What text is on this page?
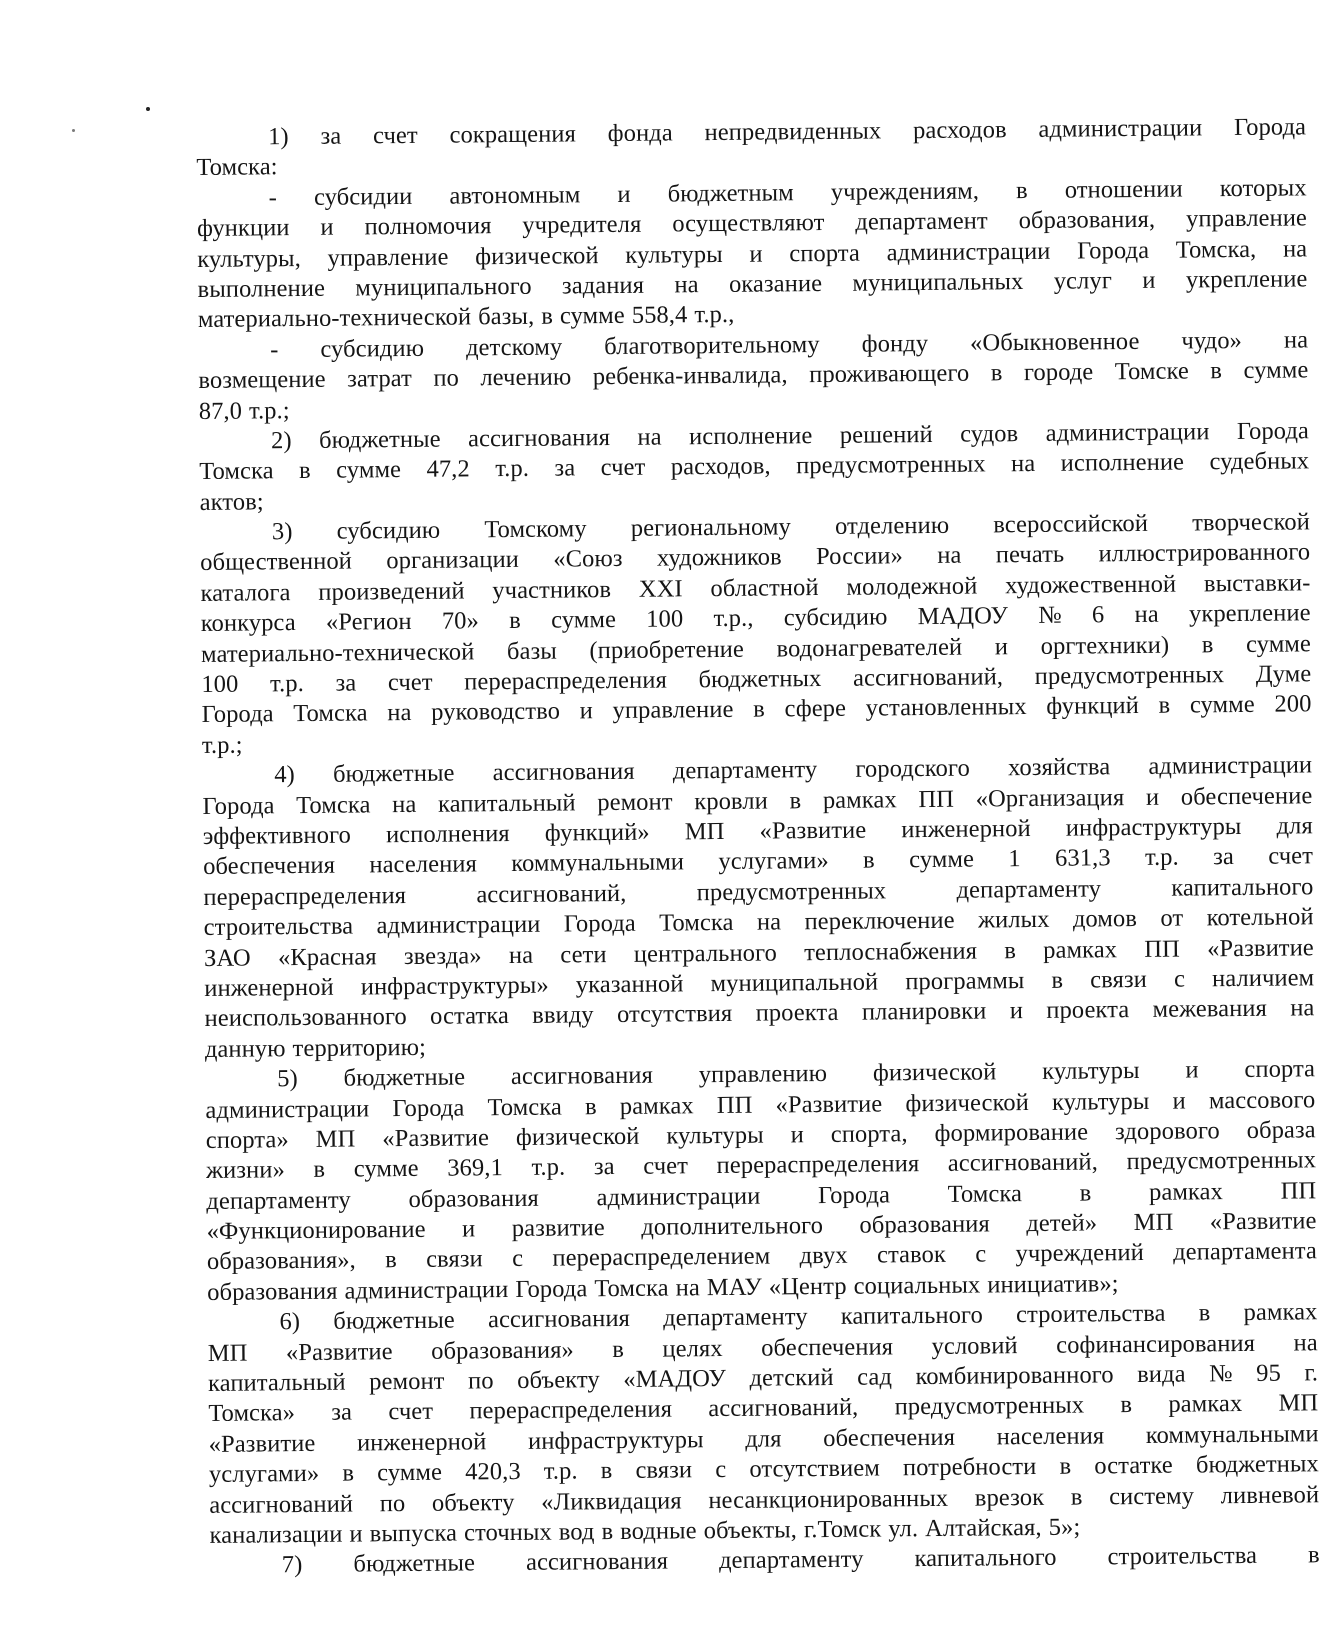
1) за счет сокращения фонда непредвиденных расходов администрации Города
Томска:
- субсидии автономным и бюджетным учреждениям, в отношении которых
функции и полномочия учредителя осуществляют департамент образования, управление
культуры, управление физической культуры и спорта администрации Города Томска, на
выполнение муниципального задания на оказание муниципальных услуг и укрепление
материально-технической базы, в сумме 558,4 т.р.,
- субсидию детскому благотворительному фонду «Обыкновенное чудо» на
возмещение затрат по лечению ребенка-инвалида, проживающего в городе Томске в сумме
87,0 т.р.;
2) бюджетные ассигнования на исполнение решений судов администрации Города
Томска в сумме 47,2 т.р. за счет расходов, предусмотренных на исполнение судебных
актов;
3) субсидию Томскому региональному отделению всероссийской творческой
общественной организации «Союз художников России» на печать иллюстрированного
каталога произведений участников XXI областной молодежной художественной выставки-
конкурса «Регион 70» в сумме 100 т.р., субсидию МАДОУ № 6 на укрепление
материально-технической базы (приобретение водонагревателей и оргтехники) в сумме
100 т.р. за счет перераспределения бюджетных ассигнований, предусмотренных Думе
Города Томска на руководство и управление в сфере установленных функций в сумме 200
т.р.;
4) бюджетные ассигнования департаменту городского хозяйства администрации
Города Томска на капитальный ремонт кровли в рамках ПП «Организация и обеспечение
эффективного исполнения функций» МП «Развитие инженерной инфраструктуры для
обеспечения населения коммунальными услугами» в сумме 1 631,3 т.р. за счет
перераспределения	ассигнований,	предусмотренных	департаменту	капитального
строительства администрации Города Томска на переключение жилых домов от котельной
ЗАО «Красная звезда» на сети центрального теплоснабжения в рамках ПП «Развитие
инженерной инфраструктуры» указанной муниципальной программы в связи с наличием
неиспользованного остатка ввиду отсутствия проекта планировки и проекта межевания на
данную территорию;
5) бюджетные ассигнования управлению физической культуры и спорта
администрации Города Томска в рамках ПП «Развитие физической культуры и массового
спорта» МП «Развитие физической культуры и спорта, формирование здорового образа
жизни» в сумме 369,1 т.р. за счет перераспределения ассигнований, предусмотренных
департаменту образования администрации Города Томска в рамках ПП
«Функционирование и развитие дополнительного образования детей» МП «Развитие
образования», в связи с перераспределением двух ставок с учреждений департамента
образования администрации Города Томска на МАУ «Центр социальных инициатив»;
6) бюджетные ассигнования департаменту капитального строительства в рамках
МП «Развитие образования» в целях обеспечения условий софинансирования на
капитальный ремонт по объекту «МАДОУ детский сад комбинированного вида № 95 г.
Томска» за счет перераспределения ассигнований, предусмотренных в рамках МП
«Развитие инженерной инфраструктуры для обеспечения населения коммунальными
услугами» в сумме 420,3 т.р. в связи с отсутствием потребности в остатке бюджетных
ассигнований по объекту «Ликвидация несанкционированных врезок в систему ливневой
канализации и выпуска сточных вод в водные объекты, г.Томск ул. Алтайская, 5»;
7) бюджетные ассигнования департаменту капитального строительства в
